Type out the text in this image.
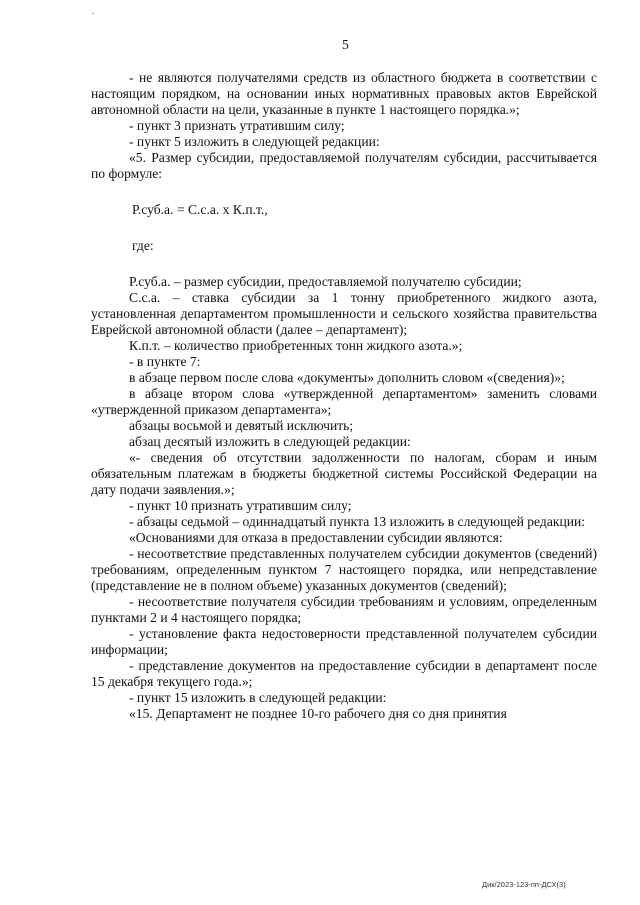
.
5

- не являются получателями средств из областного бюджета в соответствии с настоящим порядком, на основании иных нормативных правовых актов Еврейской автономной области на цели, указанные в пункте 1 настоящего порядка.»;

- пункт 3 признать утратившим силу;

- пункт 5 изложить в следующей редакции:

«5. Размер субсидии, предоставляемой получателям субсидии, рассчитывается по формуле:

Р.суб.а. = С.с.а. х К.п.т.,

где:

Р.суб.а. – размер субсидии, предоставляемой получателю субсидии;

С.с.а. – ставка субсидии за 1 тонну приобретенного жидкого азота, установленная департаментом промышленности и сельского хозяйства правительства Еврейской автономной области (далее – департамент);

К.п.т. – количество приобретенных тонн жидкого азота.»;

- в пункте 7:

в абзаце первом после слова «документы» дополнить словом «(сведения)»;

в абзаце втором слова «утвержденной департаментом» заменить словами «утвержденной приказом департамента»;

абзацы восьмой и девятый исключить;

абзац десятый изложить в следующей редакции:

«- сведения об отсутствии задолженности по налогам, сборам и иным обязательным платежам в бюджеты бюджетной системы Российской Федерации на дату подачи заявления.»;

- пункт 10 признать утратившим силу;

- абзацы седьмой – одиннадцатый пункта 13 изложить в следующей редакции:

«Основаниями для отказа в предоставлении субсидии являются:

- несоответствие представленных получателем субсидии документов (сведений) требованиям, определенным пунктом 7 настоящего порядка, или непредставление (представление не в полном объеме) указанных документов (сведений);

- несоответствие получателя субсидии требованиям и условиям, определенным пунктами 2 и 4 настоящего порядка;

- установление факта недостоверности представленной получателем субсидии информации;

- представление документов на предоставление субсидии в департамент после 15 декабря текущего года.»;

- пункт 15 изложить в следующей редакции:

«15. Департамент не позднее 10-го рабочего дня со дня принятия

Дик/2023-123-пп-ДСХ(3)
